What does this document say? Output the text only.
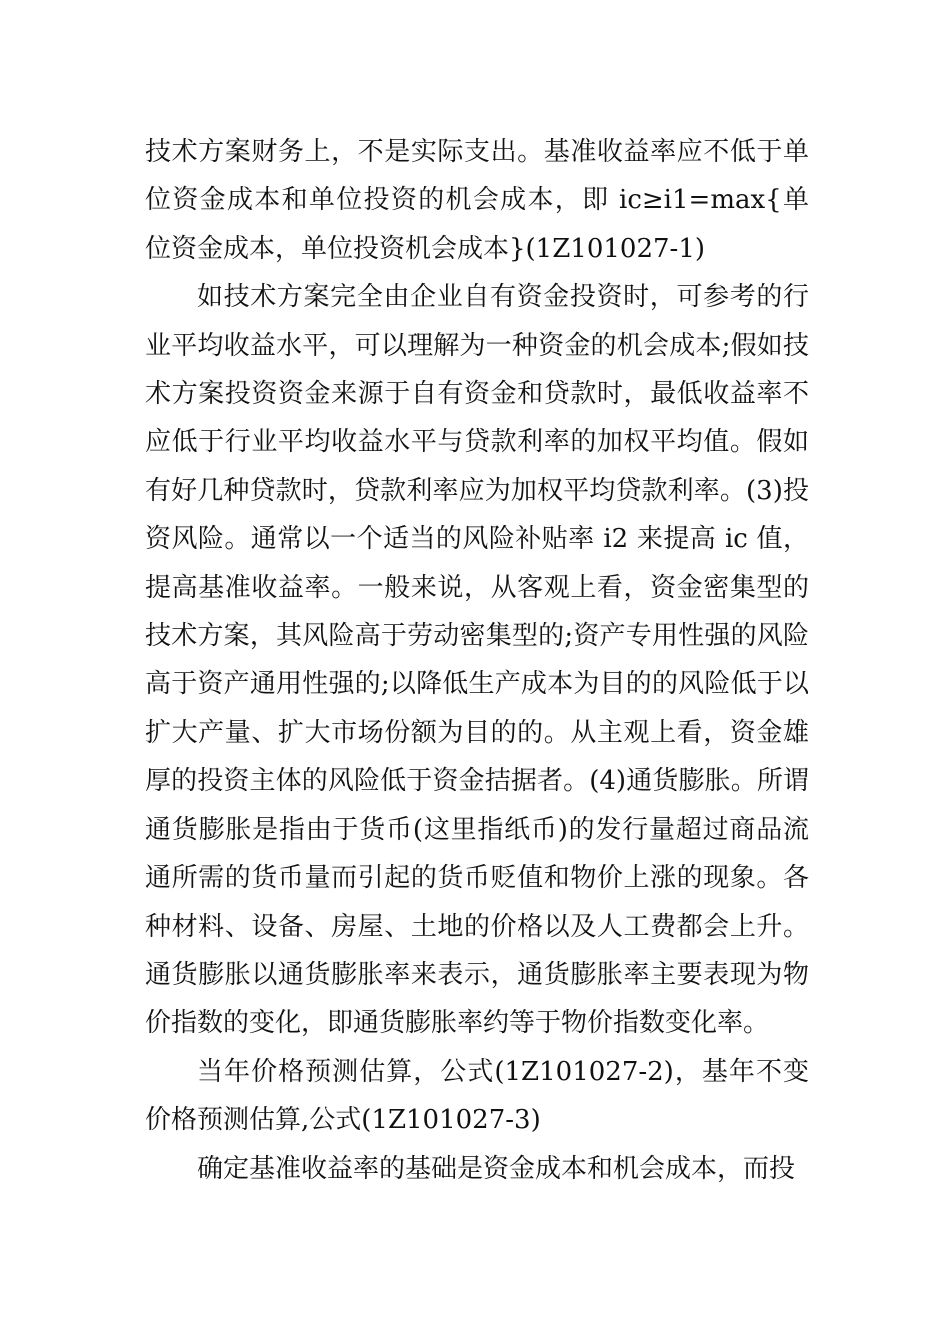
技术方案财务上，不是实际支出。基准收益率应不低于单位资金成本和单位投资的机会成本，即 ic≥i1=max{单位资金成本，单位投资机会成本}(1Z101027-1)

如技术方案完全由企业自有资金投资时，可参考的行业平均收益水平，可以理解为一种资金的机会成本;假如技术方案投资资金来源于自有资金和贷款时，最低收益率不应低于行业平均收益水平与贷款利率的加权平均值。假如有好几种贷款时，贷款利率应为加权平均贷款利率。(3)投资风险。通常以一个适当的风险补贴率 i2 来提高 ic 值，提高基准收益率。一般来说，从客观上看，资金密集型的技术方案，其风险高于劳动密集型的;资产专用性强的风险高于资产通用性强的;以降低生产成本为目的的风险低于以扩大产量、扩大市场份额为目的的。从主观上看，资金雄厚的投资主体的风险低于资金拮据者。(4)通货膨胀。所谓通货膨胀是指由于货币(这里指纸币)的发行量超过商品流通所需的货币量而引起的货币贬值和物价上涨的现象。各种材料、设备、房屋、土地的价格以及人工费都会上升。通货膨胀以通货膨胀率来表示，通货膨胀率主要表现为物价指数的变化，即通货膨胀率约等于物价指数变化率。

当年价格预测估算，公式(1Z101027-2)，基年不变价格预测估算,公式(1Z101027-3)

确定基准收益率的基础是资金成本和机会成本，而投
